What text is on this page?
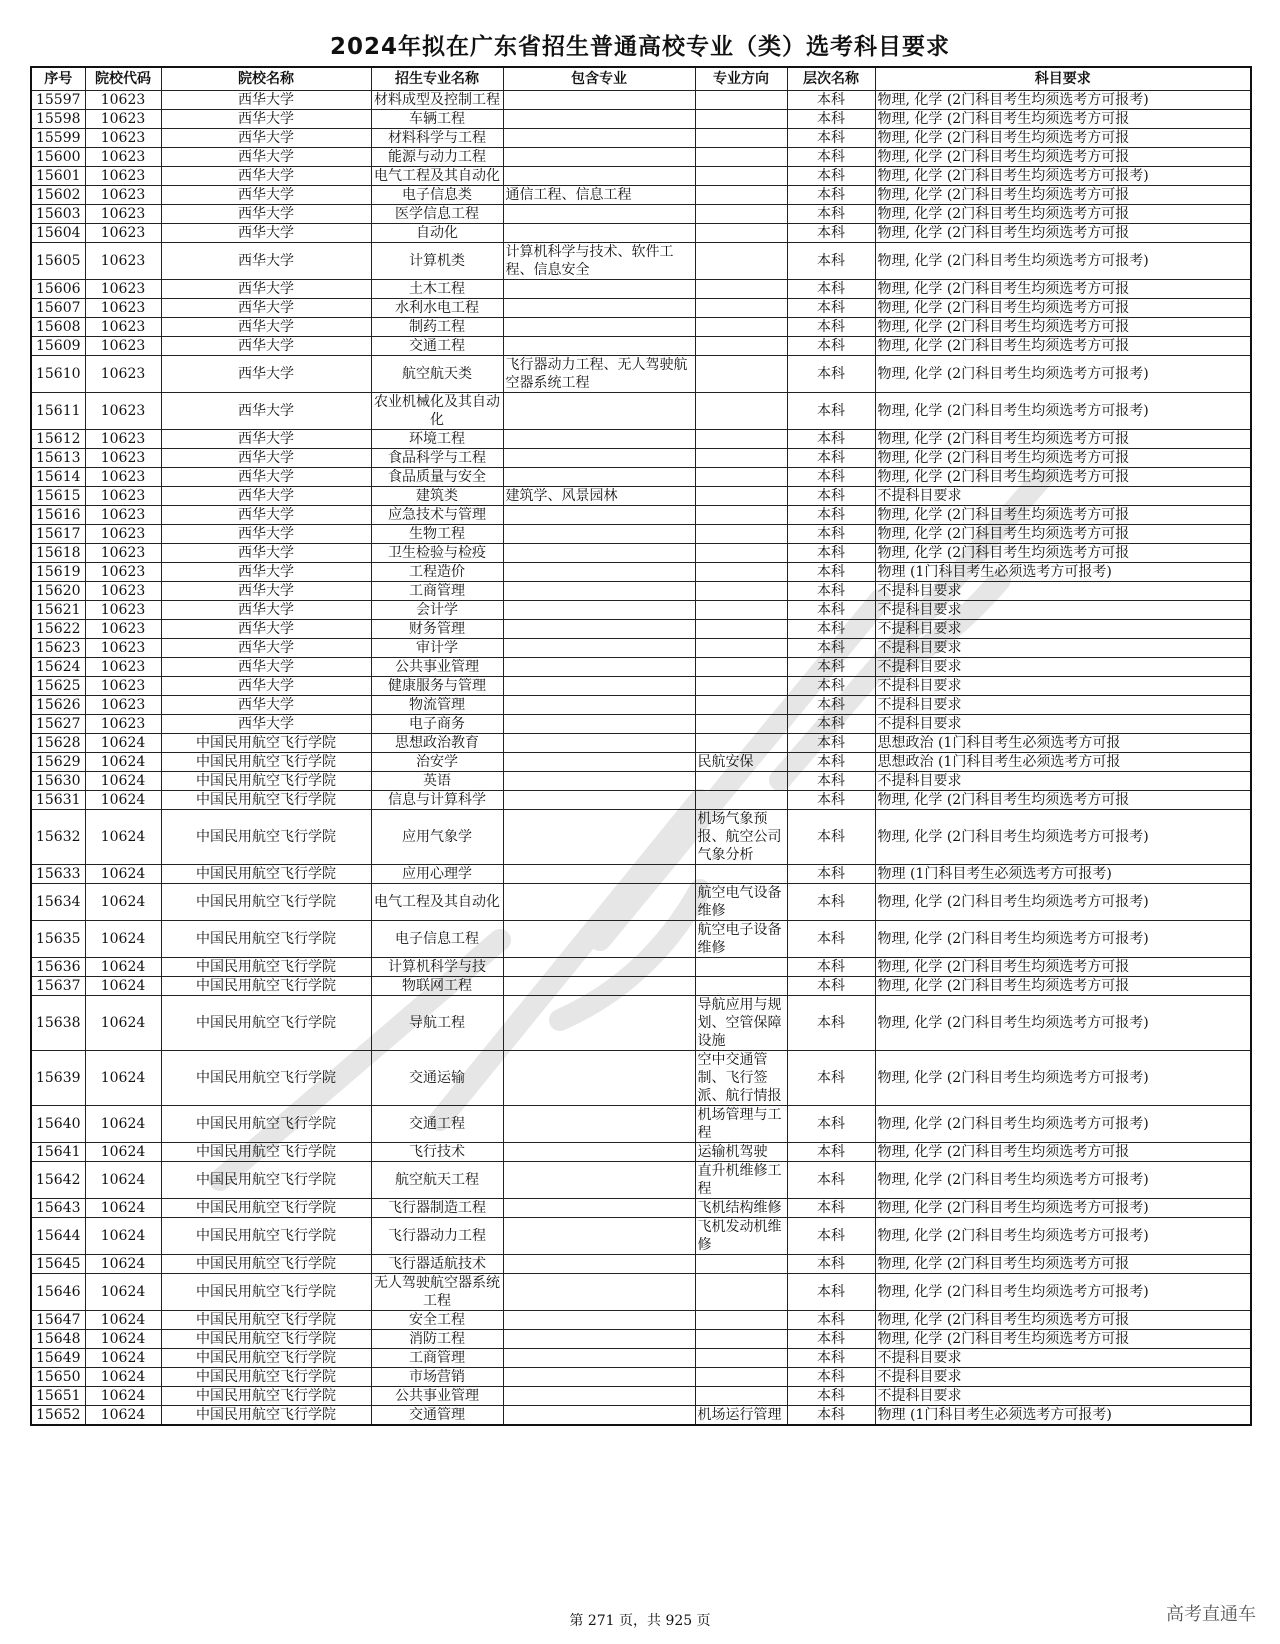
2024年拟在广东省招生普通高校专业（类）选考科目要求
序号	院校代码	院校名称	招生专业名称	包含专业	专业方向	层次名称	科目要求
15597	10623	西华大学	材料成型及控制工程			本科	物理, 化学 (2门科目考生均须选考方可报考)
15598	10623	西华大学	车辆工程			本科	物理, 化学 (2门科目考生均须选考方可报
15599	10623	西华大学	材料科学与工程			本科	物理, 化学 (2门科目考生均须选考方可报
15600	10623	西华大学	能源与动力工程			本科	物理, 化学 (2门科目考生均须选考方可报
15601	10623	西华大学	电气工程及其自动化			本科	物理, 化学 (2门科目考生均须选考方可报考)
15602	10623	西华大学	电子信息类	通信工程、信息工程		本科	物理, 化学 (2门科目考生均须选考方可报
15603	10623	西华大学	医学信息工程			本科	物理, 化学 (2门科目考生均须选考方可报
15604	10623	西华大学	自动化			本科	物理, 化学 (2门科目考生均须选考方可报
15605	10623	西华大学	计算机类	计算机科学与技术、软件工程、信息安全		本科	物理, 化学 (2门科目考生均须选考方可报考)
15606	10623	西华大学	土木工程			本科	物理, 化学 (2门科目考生均须选考方可报
15607	10623	西华大学	水利水电工程			本科	物理, 化学 (2门科目考生均须选考方可报
15608	10623	西华大学	制药工程			本科	物理, 化学 (2门科目考生均须选考方可报
15609	10623	西华大学	交通工程			本科	物理, 化学 (2门科目考生均须选考方可报
15610	10623	西华大学	航空航天类	飞行器动力工程、无人驾驶航空器系统工程		本科	物理, 化学 (2门科目考生均须选考方可报考)
15611	10623	西华大学	农业机械化及其自动化			本科	物理, 化学 (2门科目考生均须选考方可报考)
15612	10623	西华大学	环境工程			本科	物理, 化学 (2门科目考生均须选考方可报
15613	10623	西华大学	食品科学与工程			本科	物理, 化学 (2门科目考生均须选考方可报
15614	10623	西华大学	食品质量与安全			本科	物理, 化学 (2门科目考生均须选考方可报
15615	10623	西华大学	建筑类	建筑学、风景园林		本科	不提科目要求
15616	10623	西华大学	应急技术与管理			本科	物理, 化学 (2门科目考生均须选考方可报
15617	10623	西华大学	生物工程			本科	物理, 化学 (2门科目考生均须选考方可报
15618	10623	西华大学	卫生检验与检疫			本科	物理, 化学 (2门科目考生均须选考方可报
15619	10623	西华大学	工程造价			本科	物理 (1门科目考生必须选考方可报考)
15620	10623	西华大学	工商管理			本科	不提科目要求
15621	10623	西华大学	会计学			本科	不提科目要求
15622	10623	西华大学	财务管理			本科	不提科目要求
15623	10623	西华大学	审计学			本科	不提科目要求
15624	10623	西华大学	公共事业管理			本科	不提科目要求
15625	10623	西华大学	健康服务与管理			本科	不提科目要求
15626	10623	西华大学	物流管理			本科	不提科目要求
15627	10623	西华大学	电子商务			本科	不提科目要求
15628	10624	中国民用航空飞行学院	思想政治教育			本科	思想政治 (1门科目考生必须选考方可报
15629	10624	中国民用航空飞行学院	治安学		民航安保	本科	思想政治 (1门科目考生必须选考方可报
15630	10624	中国民用航空飞行学院	英语			本科	不提科目要求
15631	10624	中国民用航空飞行学院	信息与计算科学			本科	物理, 化学 (2门科目考生均须选考方可报
15632	10624	中国民用航空飞行学院	应用气象学		机场气象预报、航空公司气象分析	本科	物理, 化学 (2门科目考生均须选考方可报考)
15633	10624	中国民用航空飞行学院	应用心理学			本科	物理 (1门科目考生必须选考方可报考)
15634	10624	中国民用航空飞行学院	电气工程及其自动化		航空电气设备维修	本科	物理, 化学 (2门科目考生均须选考方可报考)
15635	10624	中国民用航空飞行学院	电子信息工程		航空电子设备维修	本科	物理, 化学 (2门科目考生均须选考方可报考)
15636	10624	中国民用航空飞行学院	计算机科学与技			本科	物理, 化学 (2门科目考生均须选考方可报
15637	10624	中国民用航空飞行学院	物联网工程			本科	物理, 化学 (2门科目考生均须选考方可报
15638	10624	中国民用航空飞行学院	导航工程		导航应用与规划、空管保障设施	本科	物理, 化学 (2门科目考生均须选考方可报考)
15639	10624	中国民用航空飞行学院	交通运输		空中交通管制、飞行签派、航行情报	本科	物理, 化学 (2门科目考生均须选考方可报考)
15640	10624	中国民用航空飞行学院	交通工程		机场管理与工程	本科	物理, 化学 (2门科目考生均须选考方可报考)
15641	10624	中国民用航空飞行学院	飞行技术		运输机驾驶	本科	物理, 化学 (2门科目考生均须选考方可报
15642	10624	中国民用航空飞行学院	航空航天工程		直升机维修工程	本科	物理, 化学 (2门科目考生均须选考方可报考)
15643	10624	中国民用航空飞行学院	飞行器制造工程		飞机结构维修	本科	物理, 化学 (2门科目考生均须选考方可报考)
15644	10624	中国民用航空飞行学院	飞行器动力工程		飞机发动机维修	本科	物理, 化学 (2门科目考生均须选考方可报考)
15645	10624	中国民用航空飞行学院	飞行器适航技术			本科	物理, 化学 (2门科目考生均须选考方可报
15646	10624	中国民用航空飞行学院	无人驾驶航空器系统工程			本科	物理, 化学 (2门科目考生均须选考方可报考)
15647	10624	中国民用航空飞行学院	安全工程			本科	物理, 化学 (2门科目考生均须选考方可报
15648	10624	中国民用航空飞行学院	消防工程			本科	物理, 化学 (2门科目考生均须选考方可报
15649	10624	中国民用航空飞行学院	工商管理			本科	不提科目要求
15650	10624	中国民用航空飞行学院	市场营销			本科	不提科目要求
15651	10624	中国民用航空飞行学院	公共事业管理			本科	不提科目要求
15652	10624	中国民用航空飞行学院	交通管理		机场运行管理	本科	物理 (1门科目考生必须选考方可报考)
第 271 页，共 925 页	高考直通车
